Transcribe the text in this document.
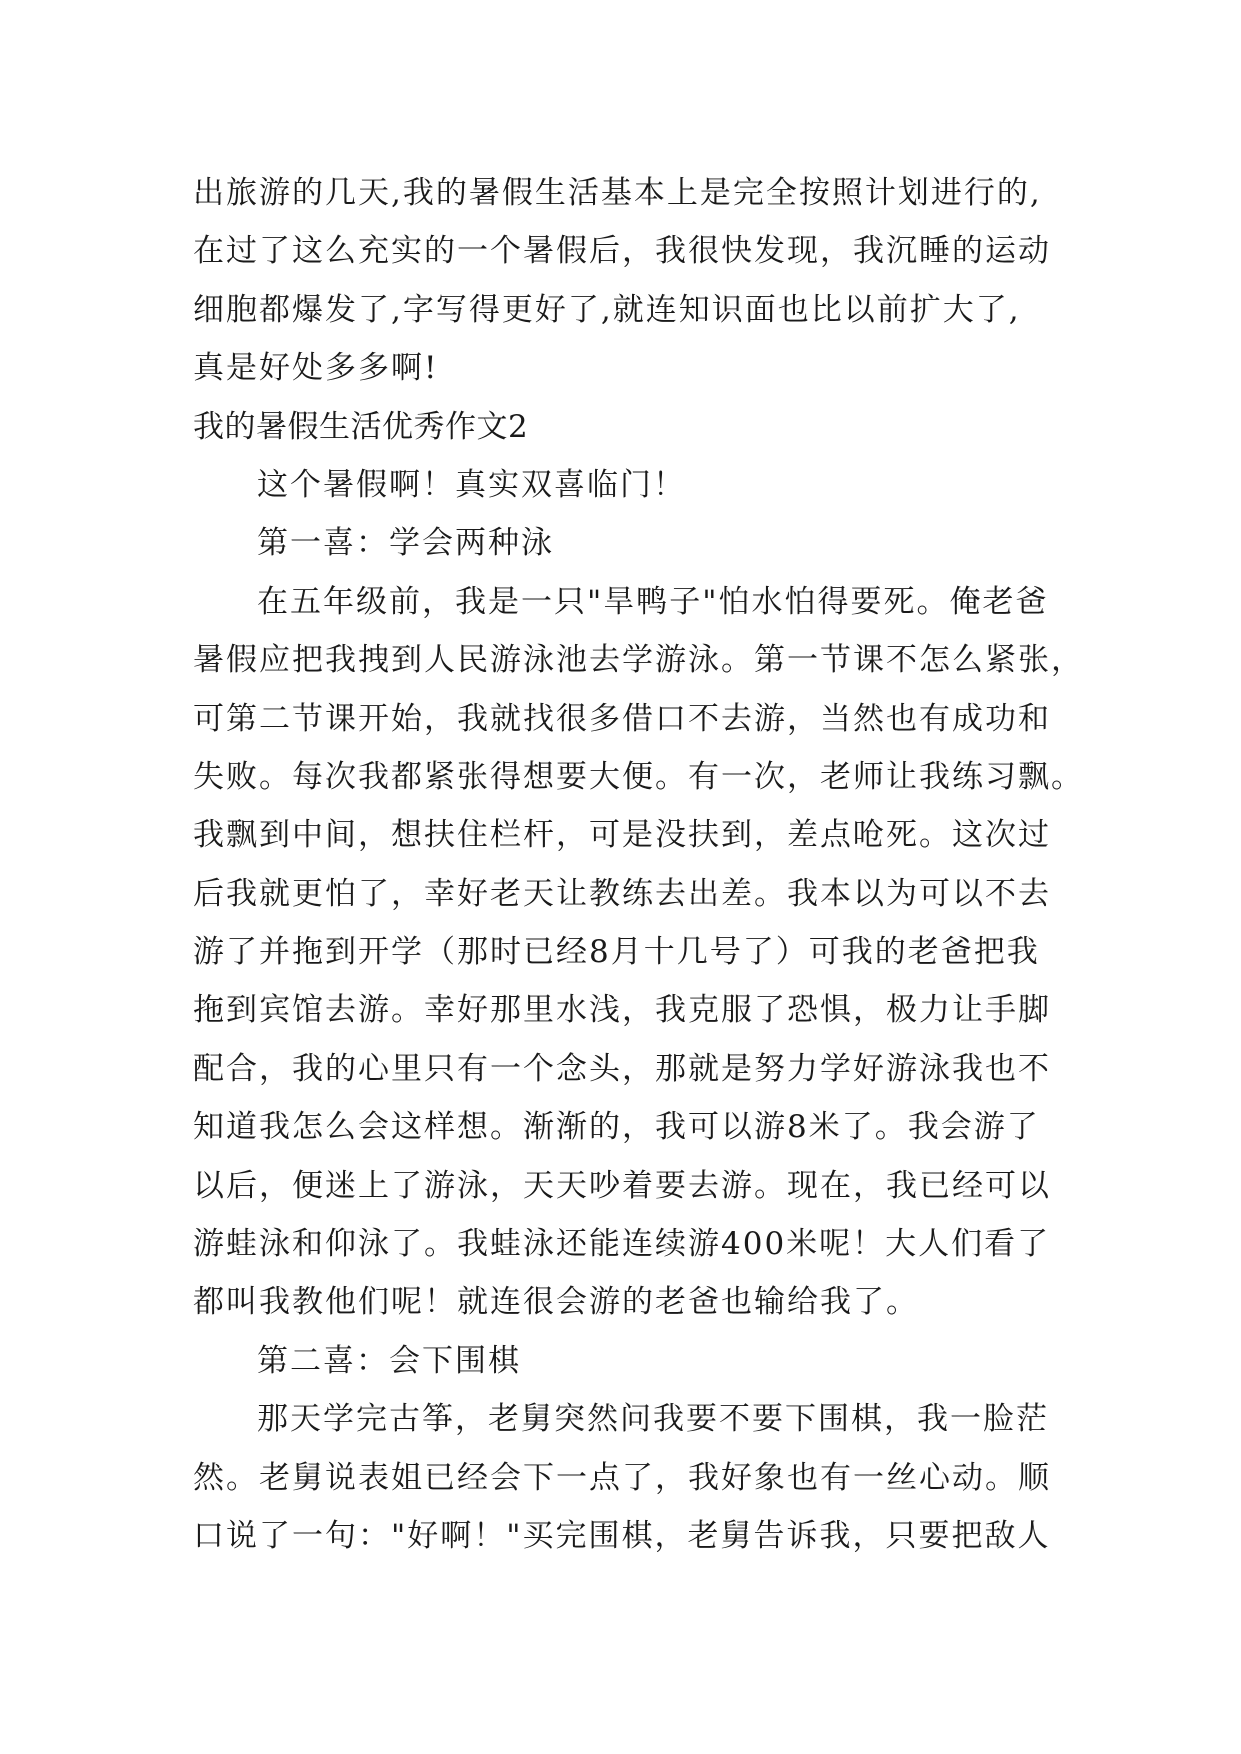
出旅游的几天,我的暑假生活基本上是完全按照计划进行的,
在过了这么充实的一个暑假后，我很快发现，我沉睡的运动
细胞都爆发了,字写得更好了,就连知识面也比以前扩大了,
真是好处多多啊!
我的暑假生活优秀作文2
这个暑假啊！真实双喜临门！
第一喜：学会两种泳
在五年级前，我是一只"旱鸭子"怕水怕得要死。俺老爸
暑假应把我拽到人民游泳池去学游泳。第一节课不怎么紧张，
可第二节课开始，我就找很多借口不去游，当然也有成功和
失败。每次我都紧张得想要大便。有一次，老师让我练习飘。
我飘到中间，想扶住栏杆，可是没扶到，差点呛死。这次过
后我就更怕了，幸好老天让教练去出差。我本以为可以不去
游了并拖到开学（那时已经8月十几号了）可我的老爸把我
拖到宾馆去游。幸好那里水浅，我克服了恐惧，极力让手脚
配合，我的心里只有一个念头，那就是努力学好游泳我也不
知道我怎么会这样想。渐渐的，我可以游8米了。我会游了
以后，便迷上了游泳，天天吵着要去游。现在，我已经可以
游蛙泳和仰泳了。我蛙泳还能连续游400米呢！大人们看了
都叫我教他们呢！就连很会游的老爸也输给我了。
第二喜：会下围棋
那天学完古筝，老舅突然问我要不要下围棋，我一脸茫
然。老舅说表姐已经会下一点了，我好象也有一丝心动。顺
口说了一句："好啊！"买完围棋，老舅告诉我，只要把敌人
